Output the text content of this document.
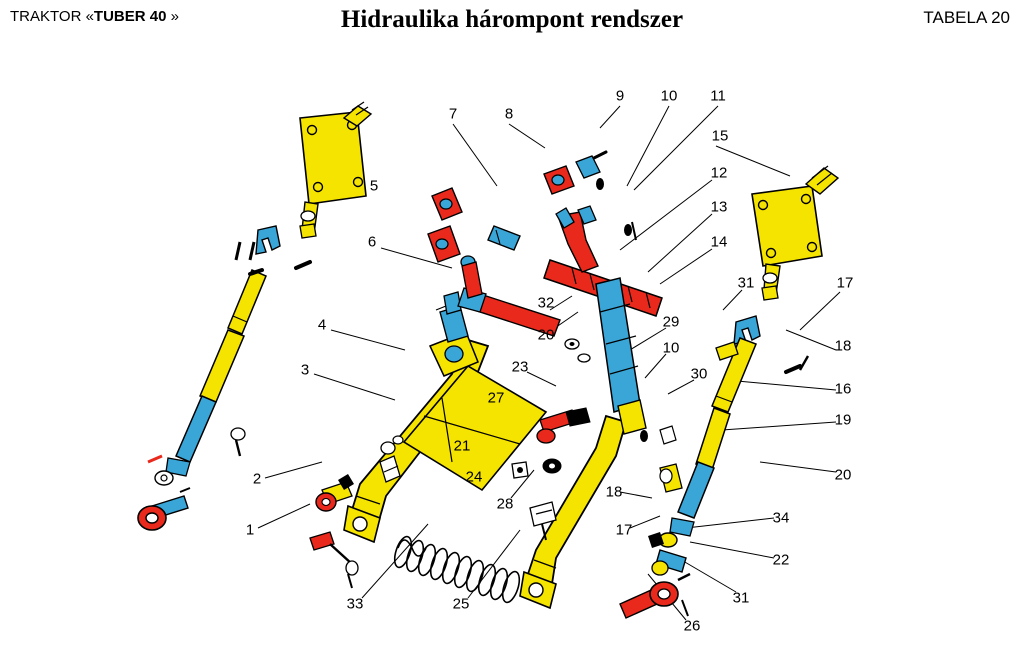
TRAKTOR «TUBER 40 »	Hidraulika hárompont rendszer	TABELA 20
9 10 11
7	8
15
5
12
13
14
6
31	17
32
4
20
29
18
10
3	23	30
16
27
19
21
24	20
2
28
18
1	17
34
22
33	25	31
26
